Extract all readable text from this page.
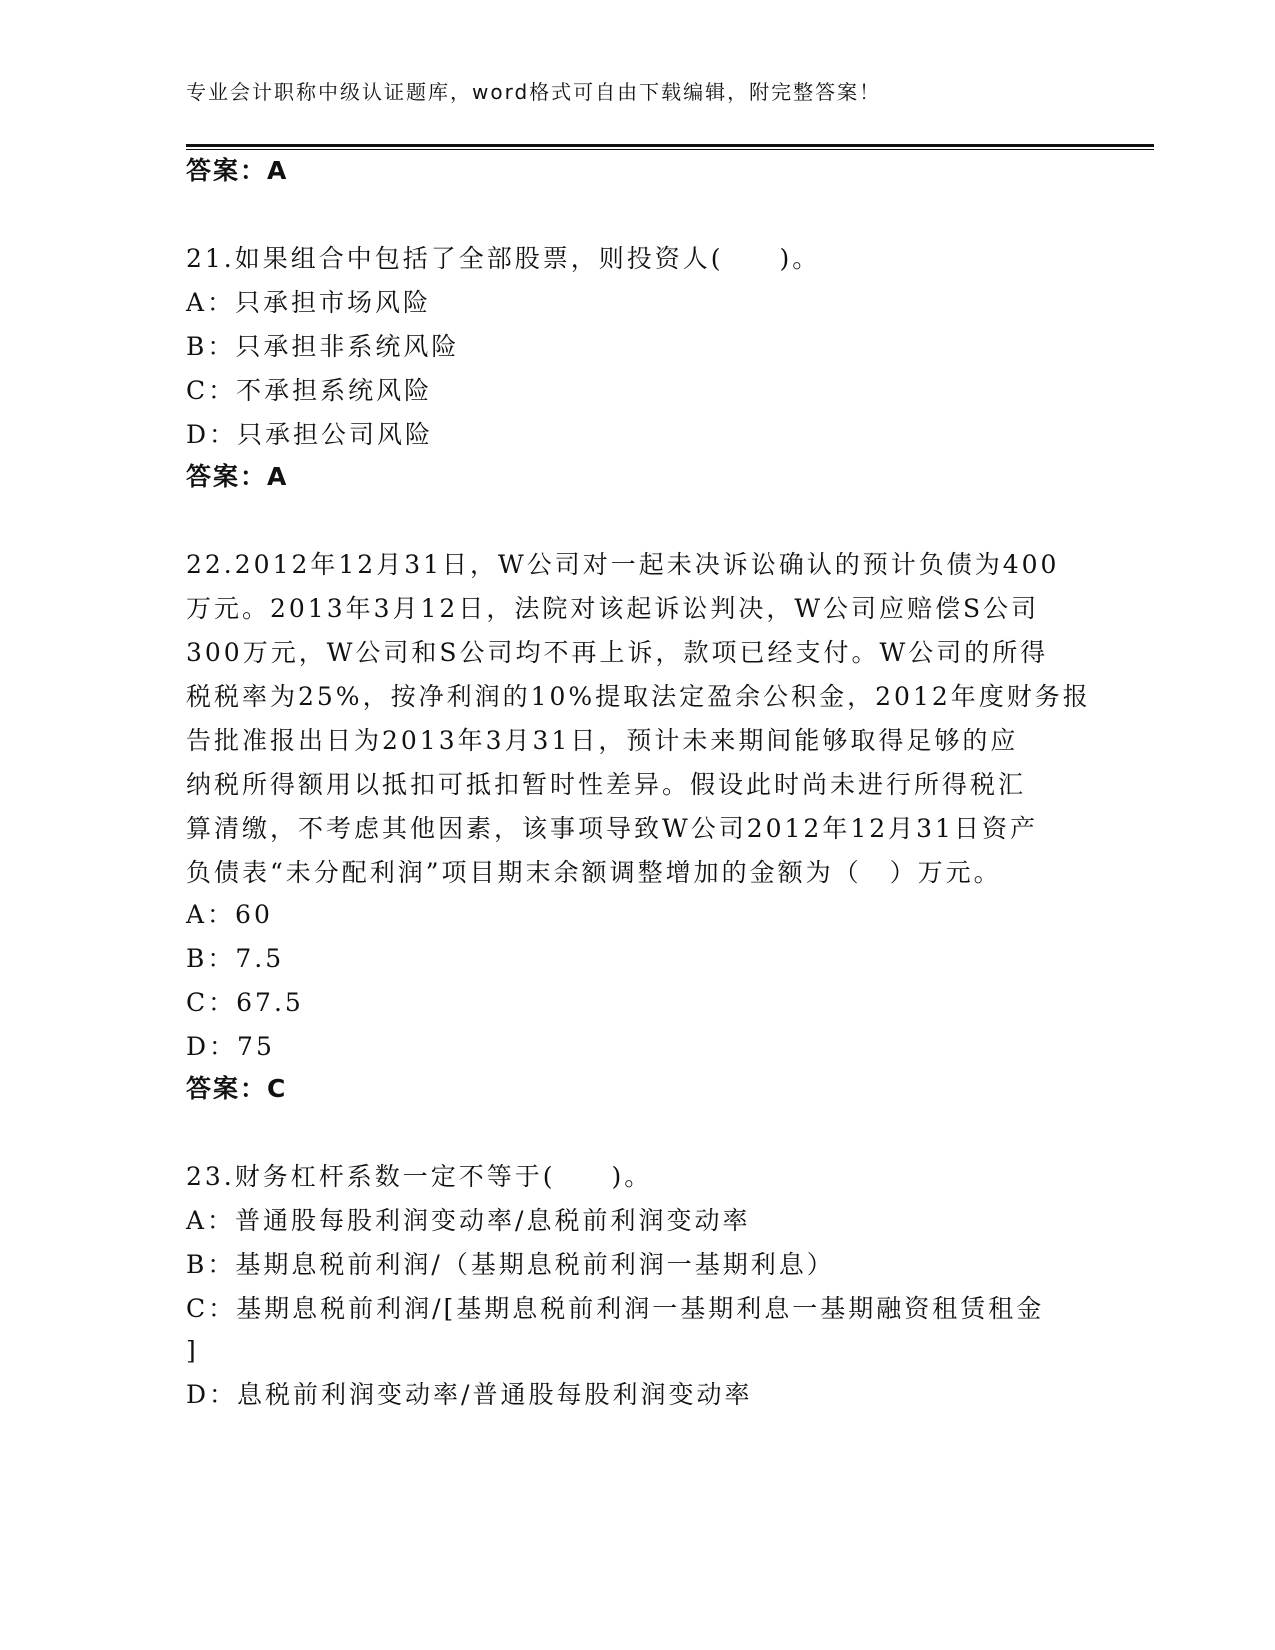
专业会计职称中级认证题库，word格式可自由下载编辑，附完整答案！
答案：A
21.如果组合中包括了全部股票，则投资人(　　)。
A：只承担市场风险
B：只承担非系统风险
C：不承担系统风险
D：只承担公司风险
答案：A
22.2012年12月31日，W公司对一起未决诉讼确认的预计负债为400
万元。2013年3月12日，法院对该起诉讼判决，W公司应赔偿S公司
300万元，W公司和S公司均不再上诉，款项已经支付。W公司的所得
税税率为25%，按净利润的10%提取法定盈余公积金，2012年度财务报
告批准报出日为2013年3月31日，预计未来期间能够取得足够的应
纳税所得额用以抵扣可抵扣暂时性差异。假设此时尚未进行所得税汇
算清缴，不考虑其他因素，该事项导致W公司2012年12月31日资产
负债表“未分配利润”项目期末余额调整增加的金额为（　）万元。
A：60
B：7.5
C：67.5
D：75
答案：C
23.财务杠杆系数一定不等于(　　)。
A：普通股每股利润变动率/息税前利润变动率
B：基期息税前利润/（基期息税前利润一基期利息）
C：基期息税前利润/[基期息税前利润一基期利息一基期融资租赁租金
]
D：息税前利润变动率/普通股每股利润变动率
